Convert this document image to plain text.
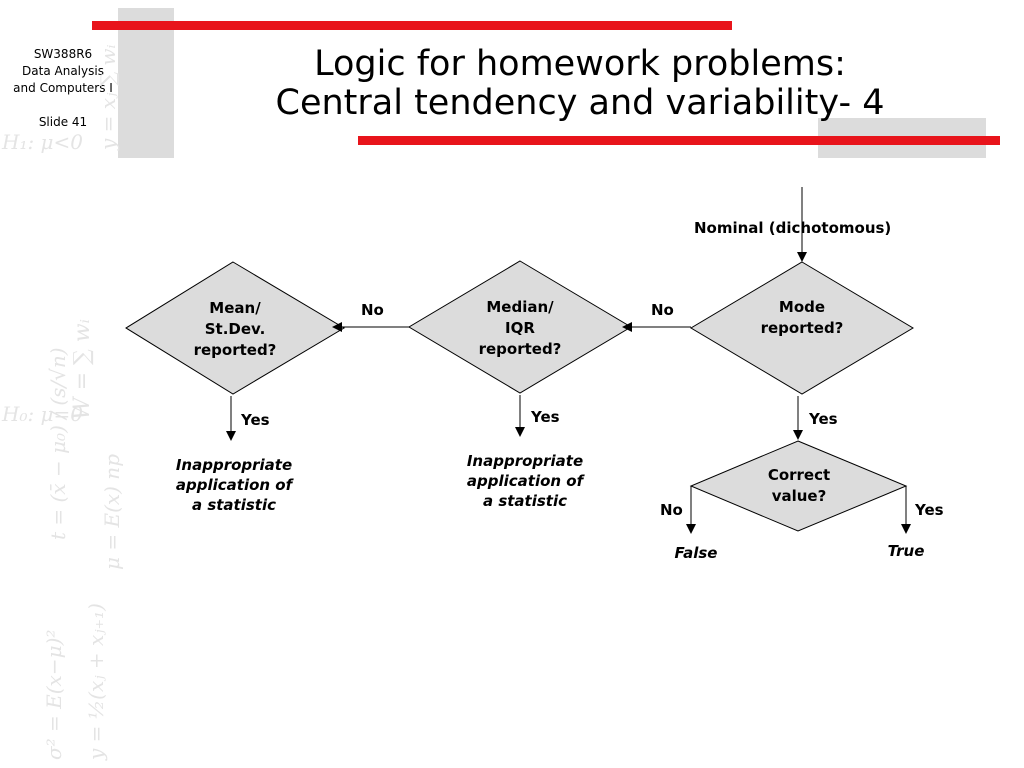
SW388R6
Data Analysis
and Computers I
Slide 41
H₁: μ<0 y = xⱼ ∑ wᵢ
W = ∑ wᵢ
H₀: μ=0
t = (x̄ − μ₀) / (s/√n) μ = E(x) np
σ² = E(x−μ)² y = ½(xⱼ + xⱼ₊₁)
Logic for homework problems:
Central tendency and variability- 4
Nominal (dichotomous)
Mode
reported?
Median/
IQR
reported?
Mean/
St.Dev.
reported?
Correct
value?
No
No
Yes
Yes
Yes
No	Yes
Inappropriate
application of
a statistic
Inappropriate
application of
a statistic
False	True
